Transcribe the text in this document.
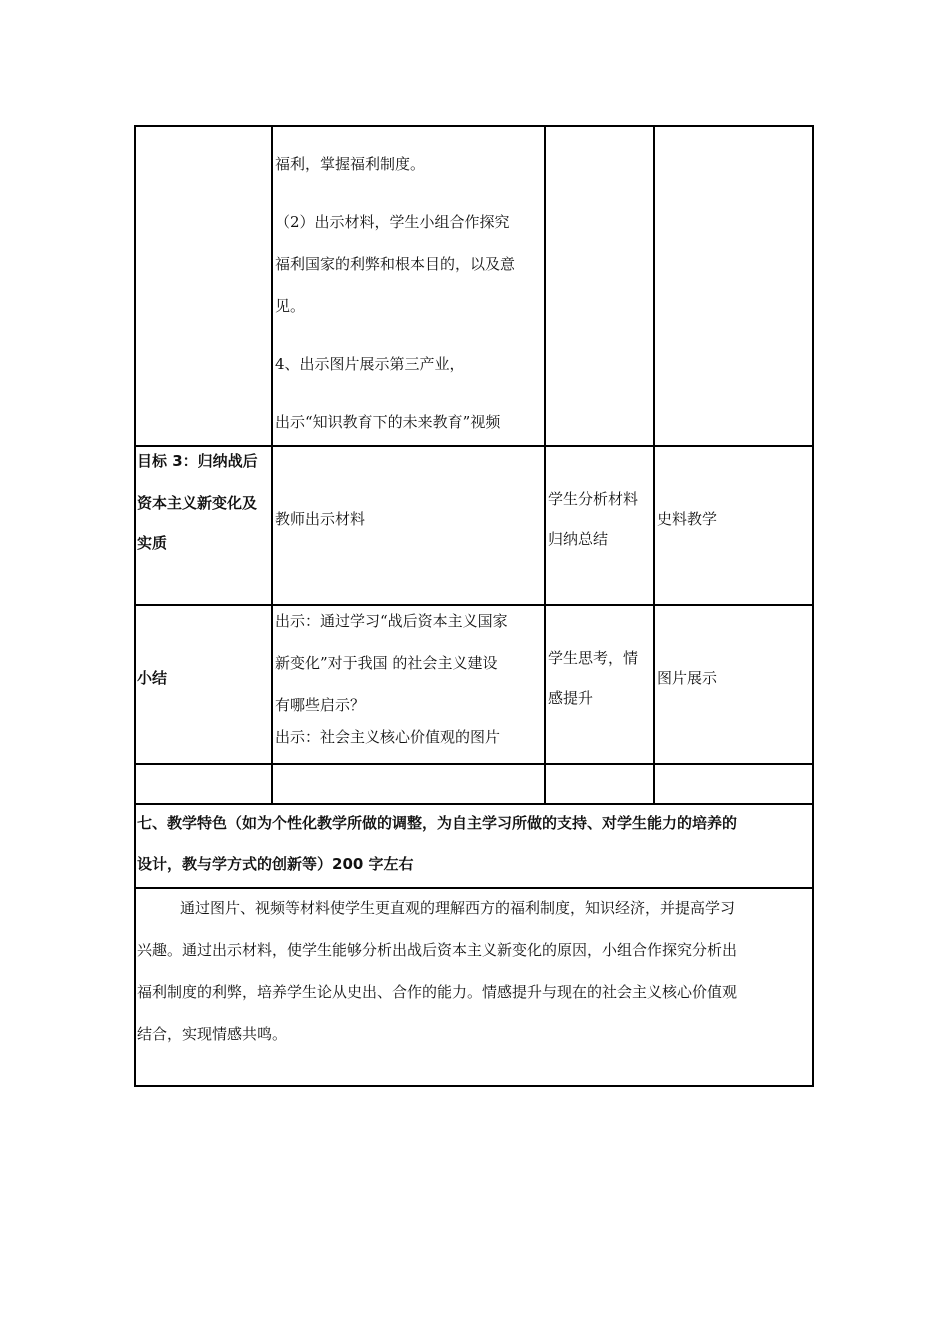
福利，掌握福利制度。

（2）出示材料，学生小组合作探究

福利国家的利弊和根本目的，以及意

见。

4、出示图片展示第三产业，

出示“知识教育下的未来教育”视频

目标 3：归纳战后

资本主义新变化及

实质

教师出示材料

学生分析材料

归纳总结

史料教学

小结

出示：通过学习“战后资本主义国家

新变化”对于我国 的社会主义建设

有哪些启示？

出示：社会主义核心价值观的图片

学生思考，情

感提升

图片展示

七、教学特色（如为个性化教学所做的调整，为自主学习所做的支持、对学生能力的培养的

设计，教与学方式的创新等）200 字左右

通过图片、视频等材料使学生更直观的理解西方的福利制度，知识经济，并提高学习

兴趣。通过出示材料，使学生能够分析出战后资本主义新变化的原因，小组合作探究分析出

福利制度的利弊，培养学生论从史出、合作的能力。情感提升与现在的社会主义核心价值观

结合，实现情感共鸣。
